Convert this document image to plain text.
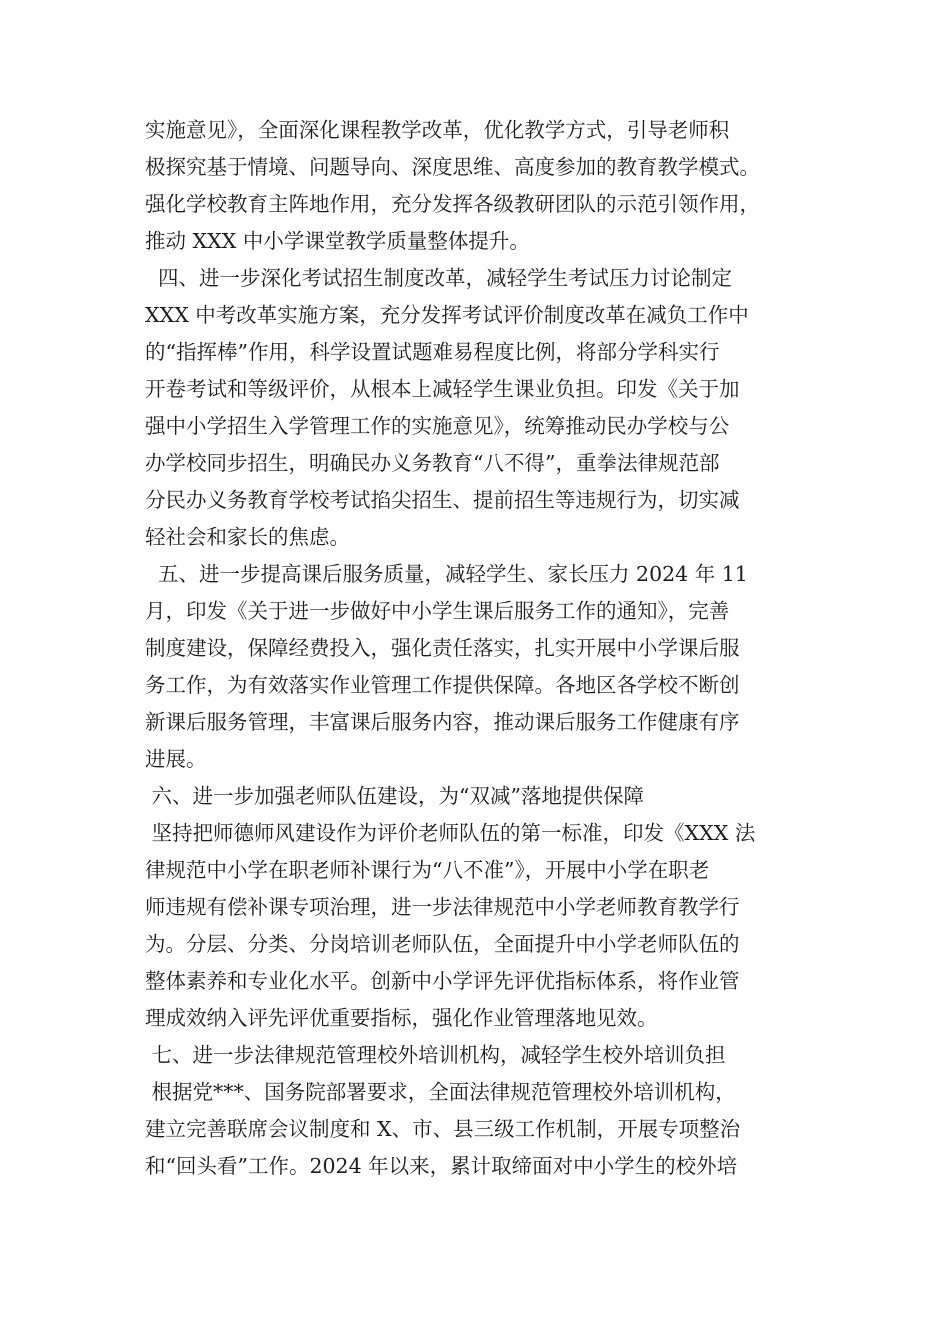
实施意见》，全面深化课程教学改革，优化教学方式，引导老师积
极探究基于情境、问题导向、深度思维、高度参加的教育教学模式。
强化学校教育主阵地作用，充分发挥各级教研团队的示范引领作用，
推动 XXX 中小学课堂教学质量整体提升。
四、进一步深化考试招生制度改革，减轻学生考试压力讨论制定
XXX 中考改革实施方案，充分发挥考试评价制度改革在减负工作中
的“指挥棒”作用，科学设置试题难易程度比例，将部分学科实行
开卷考试和等级评价，从根本上减轻学生课业负担。印发《关于加
强中小学招生入学管理工作的实施意见》，统筹推动民办学校与公
办学校同步招生，明确民办义务教育“八不得”，重拳法律规范部
分民办义务教育学校考试掐尖招生、提前招生等违规行为，切实减
轻社会和家长的焦虑。
五、进一步提高课后服务质量，减轻学生、家长压力 2024 年 11
月，印发《关于进一步做好中小学生课后服务工作的通知》，完善
制度建设，保障经费投入，强化责任落实，扎实开展中小学课后服
务工作，为有效落实作业管理工作提供保障。各地区各学校不断创
新课后服务管理，丰富课后服务内容，推动课后服务工作健康有序
进展。
六、进一步加强老师队伍建设，为“双减”落地提供保障
坚持把师德师风建设作为评价老师队伍的第一标准，印发《XXX 法
律规范中小学在职老师补课行为“八不准”》，开展中小学在职老
师违规有偿补课专项治理，进一步法律规范中小学老师教育教学行
为。分层、分类、分岗培训老师队伍，全面提升中小学老师队伍的
整体素养和专业化水平。创新中小学评先评优指标体系，将作业管
理成效纳入评先评优重要指标，强化作业管理落地见效。
七、进一步法律规范管理校外培训机构，减轻学生校外培训负担
根据党***、国务院部署要求，全面法律规范管理校外培训机构，
建立完善联席会议制度和 X、市、县三级工作机制，开展专项整治
和“回头看”工作。2024 年以来，累计取缔面对中小学生的校外培
